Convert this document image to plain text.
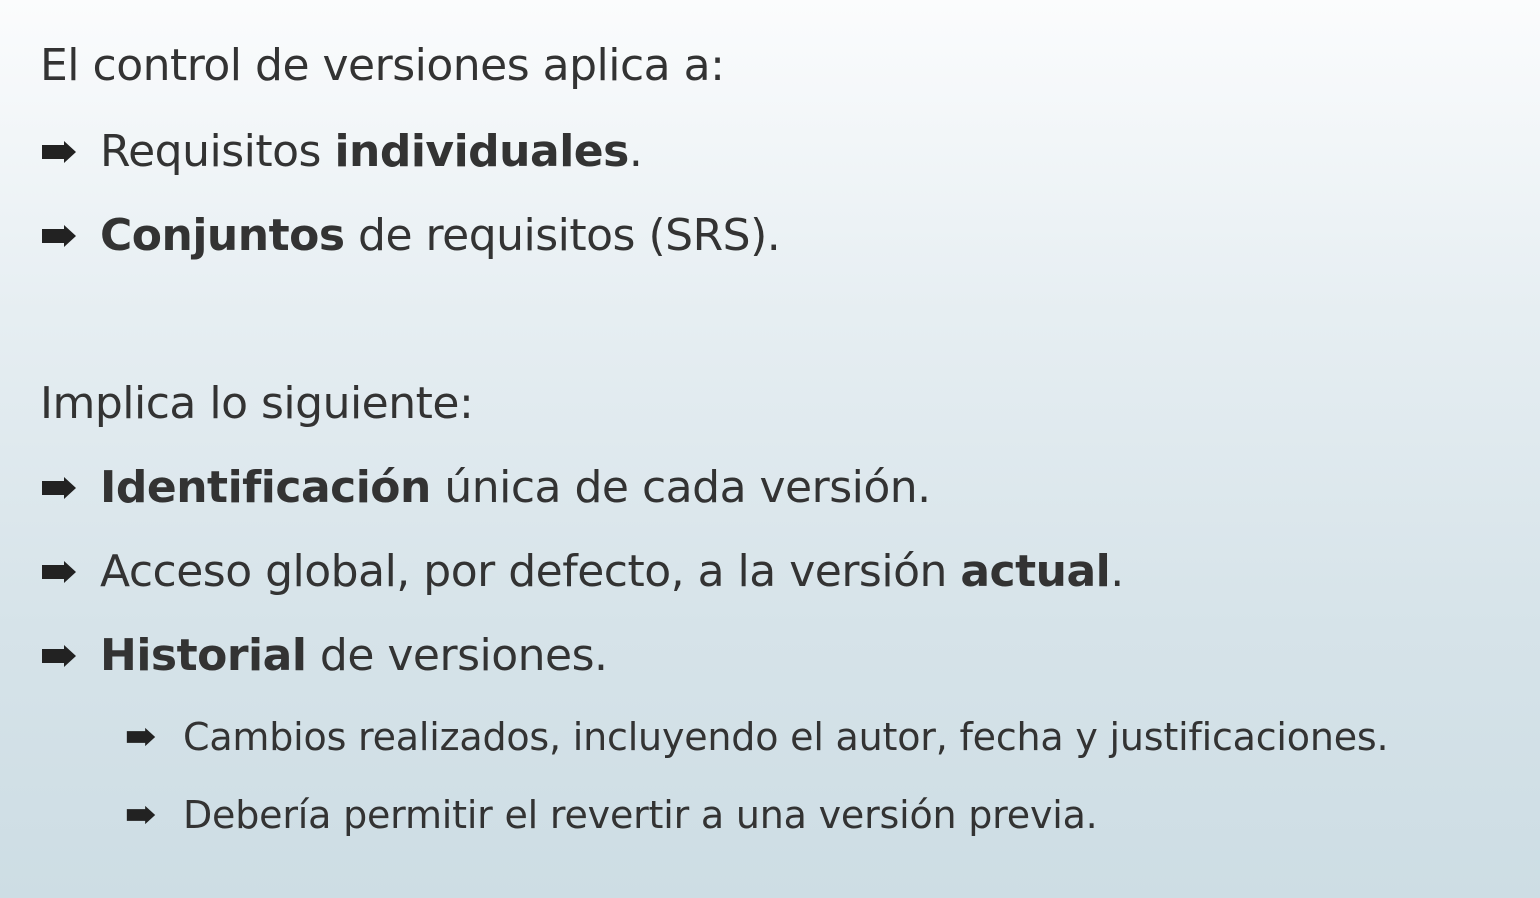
El control de versiones aplica a:
Requisitos individuales.
Conjuntos de requisitos (SRS).
Implica lo siguiente:
Identificación única de cada versión.
Acceso global, por defecto, a la versión actual.
Historial de versiones.
Cambios realizados, incluyendo el autor, fecha y justificaciones.
Debería permitir el revertir a una versión previa.
